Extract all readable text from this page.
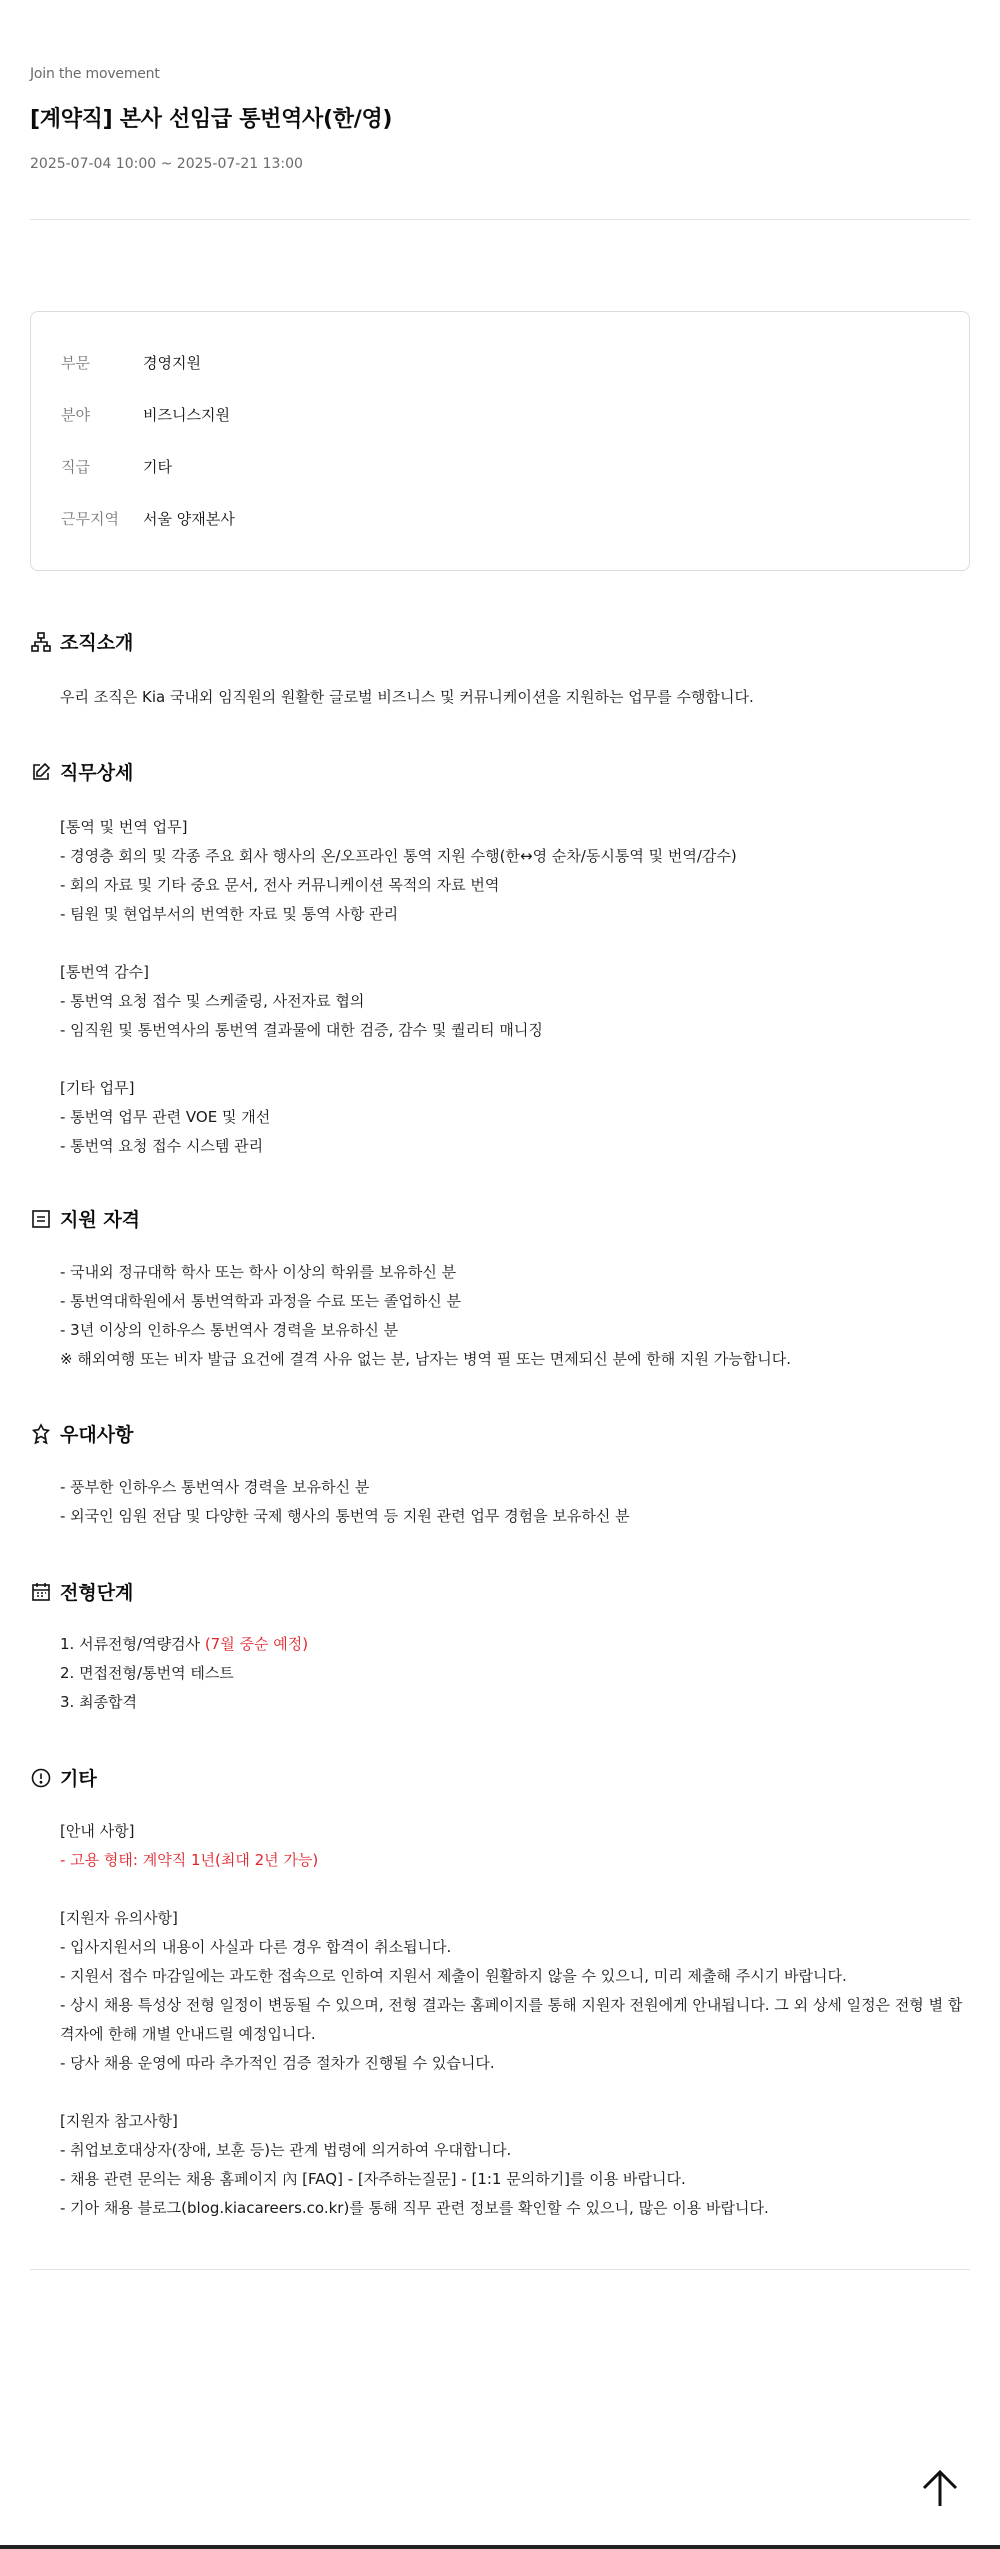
Join the movement
[계약직] 본사 선임급 통번역사(한/영)
2025-07-04 10:00 ~ 2025-07-21 13:00
부문	경영지원
분야	비즈니스지원
직급	기타
근무지역 서울 양재본사
조직소개
우리 조직은 Kia 국내외 임직원의 원활한 글로벌 비즈니스 및 커뮤니케이션을 지원하는 업무를 수행합니다.
직무상세
[통역 및 번역 업무]
- 경영층 회의 및 각종 주요 회사 행사의 온/오프라인 통역 지원 수행(한↔영 순차/동시통역 및 번역/감수)
- 회의 자료 및 기타 중요 문서, 전사 커뮤니케이션 목적의 자료 번역
- 팀원 및 현업부서의 번역한 자료 및 통역 사항 관리
[통번역 감수]
- 통번역 요청 접수 및 스케줄링, 사전자료 협의
- 임직원 및 통번역사의 통번역 결과물에 대한 검증, 감수 및 퀄리티 매니징
[기타 업무]
- 통번역 업무 관련 VOE 및 개선
- 통번역 요청 접수 시스템 관리
지원 자격
- 국내외 정규대학 학사 또는 학사 이상의 학위를 보유하신 분
- 통번역대학원에서 통번역학과 과정을 수료 또는 졸업하신 분
- 3년 이상의 인하우스 통번역사 경력을 보유하신 분
※ 해외여행 또는 비자 발급 요건에 결격 사유 없는 분, 남자는 병역 필 또는 면제되신 분에 한해 지원 가능합니다.
우대사항
- 풍부한 인하우스 통번역사 경력을 보유하신 분
- 외국인 임원 전담 및 다양한 국제 행사의 통번역 등 지원 관련 업무 경험을 보유하신 분
전형단계
1. 서류전형/역량검사 (7월 중순 예정)
2. 면접전형/통번역 테스트
3. 최종합격
기타
[안내 사항]
- 고용 형태: 계약직 1년(최대 2년 가능)
[지원자 유의사항]
- 입사지원서의 내용이 사실과 다른 경우 합격이 취소됩니다.
- 지원서 접수 마감일에는 과도한 접속으로 인하여 지원서 제출이 원활하지 않을 수 있으니, 미리 제출해 주시기 바랍니다.
- 상시 채용 특성상 전형 일정이 변동될 수 있으며, 전형 결과는 홈페이지를 통해 지원자 전원에게 안내됩니다. 그 외 상세 일정은 전형 별 합격자에 한해 개별 안내드릴 예정입니다.
- 당사 채용 운영에 따라 추가적인 검증 절차가 진행될 수 있습니다.
[지원자 참고사항]
- 취업보호대상자(장애, 보훈 등)는 관계 법령에 의거하여 우대합니다.
- 채용 관련 문의는 채용 홈페이지 內 [FAQ] - [자주하는질문] - [1:1 문의하기]를 이용 바랍니다.
- 기아 채용 블로그(blog.kiacareers.co.kr)를 통해 직무 관련 정보를 확인할 수 있으니, 많은 이용 바랍니다.
